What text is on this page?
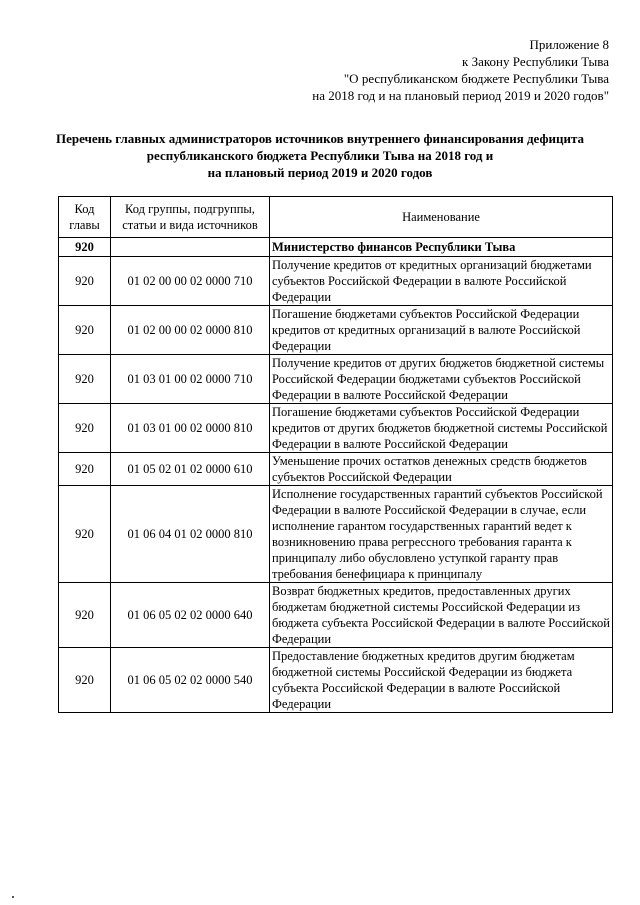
Приложение 8
к Закону Республики Тыва
"О республиканском бюджете Республики Тыва
на 2018 год и на плановый период 2019 и 2020 годов"
Перечень главных администраторов источников внутреннего финансирования дефицита
республиканского бюджета Республики Тыва на 2018 год и
на плановый период 2019 и 2020 годов
Код главы	Код группы, подгруппы, статьи и вида источников	Наименование
920		Министерство финансов Республики Тыва
920	01 02 00 00 02 0000 710	Получение кредитов от кредитных организаций бюджетами субъектов Российской Федерации в валюте Российской Федерации
920	01 02 00 00 02 0000 810	Погашение бюджетами субъектов Российской Федерации кредитов от кредитных организаций в валюте Российской Федерации
920	01 03 01 00 02 0000 710	Получение кредитов от других бюджетов бюджетной системы Российской Федерации бюджетами субъектов Российской Федерации в валюте Российской Федерации
920	01 03 01 00 02 0000 810	Погашение бюджетами субъектов Российской Федерации кредитов от других бюджетов бюджетной системы Российской Федерации в валюте Российской Федерации
920	01 05 02 01 02 0000 610	Уменьшение прочих остатков денежных средств бюджетов субъектов Российской Федерации
920	01 06 04 01 02 0000 810	Исполнение государственных гарантий субъектов Российской Федерации в валюте Российской Федерации в случае, если исполнение гарантом государственных гарантий ведет к возникновению права регрессного требования гаранта к принципалу либо обусловлено уступкой гаранту прав требования бенефициара к принципалу
920	01 06 05 02 02 0000 640	Возврат бюджетных кредитов, предоставленных других бюджетам бюджетной системы Российской Федерации из бюджета субъекта Российской Федерации в валюте Российской Федерации
920	01 06 05 02 02 0000 540	Предоставление бюджетных кредитов другим бюджетам бюджетной системы Российской Федерации из бюджета субъекта Российской Федерации в валюте Российской Федерации
